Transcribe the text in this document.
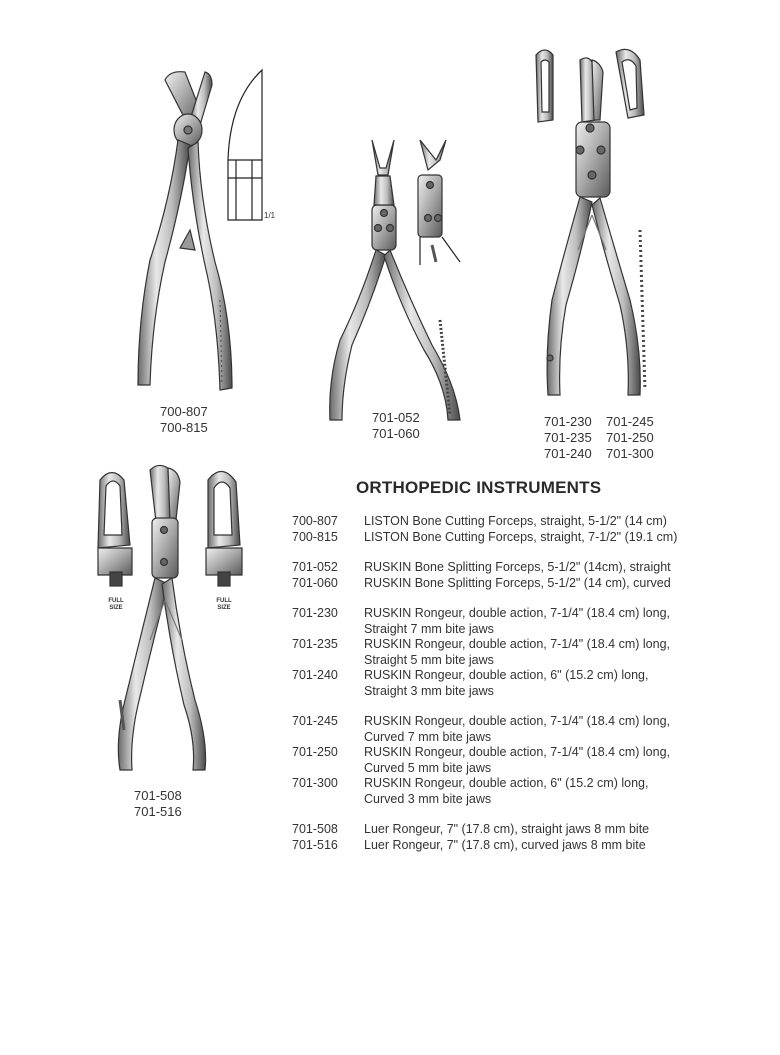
1/1
FULL SIZE
FULL SIZE
700-807
700-815
701-052
701-060
701-230	701-245
701-235	701-250
701-240	701-300
701-508
701-516
ORTHOPEDIC INSTRUMENTS
700-807	LISTON Bone Cutting Forceps, straight, 5-1/2" (14 cm)
700-815	LISTON Bone Cutting Forceps, straight, 7-1/2" (19.1 cm)
701-052	RUSKIN Bone Splitting Forceps, 5-1/2" (14cm), straight
701-060	RUSKIN Bone Splitting Forceps, 5-1/2" (14 cm), curved
701-230	RUSKIN Rongeur, double action, 7-1/4" (18.4 cm) long,
Straight 7 mm bite jaws
701-235	RUSKIN Rongeur, double action, 7-1/4" (18.4 cm) long,
Straight 5 mm bite jaws
701-240	RUSKIN Rongeur, double action, 6" (15.2 cm) long,
Straight 3 mm bite jaws
701-245	RUSKIN Rongeur, double action, 7-1/4" (18.4 cm) long,
Curved 7 mm bite jaws
701-250	RUSKIN Rongeur, double action, 7-1/4" (18.4 cm) long,
Curved 5 mm bite jaws
701-300	RUSKIN Rongeur, double action, 6" (15.2 cm) long,
Curved 3 mm bite jaws
701-508	Luer Rongeur, 7" (17.8 cm), straight jaws 8 mm bite
701-516	Luer Rongeur, 7" (17.8 cm), curved jaws 8 mm bite
